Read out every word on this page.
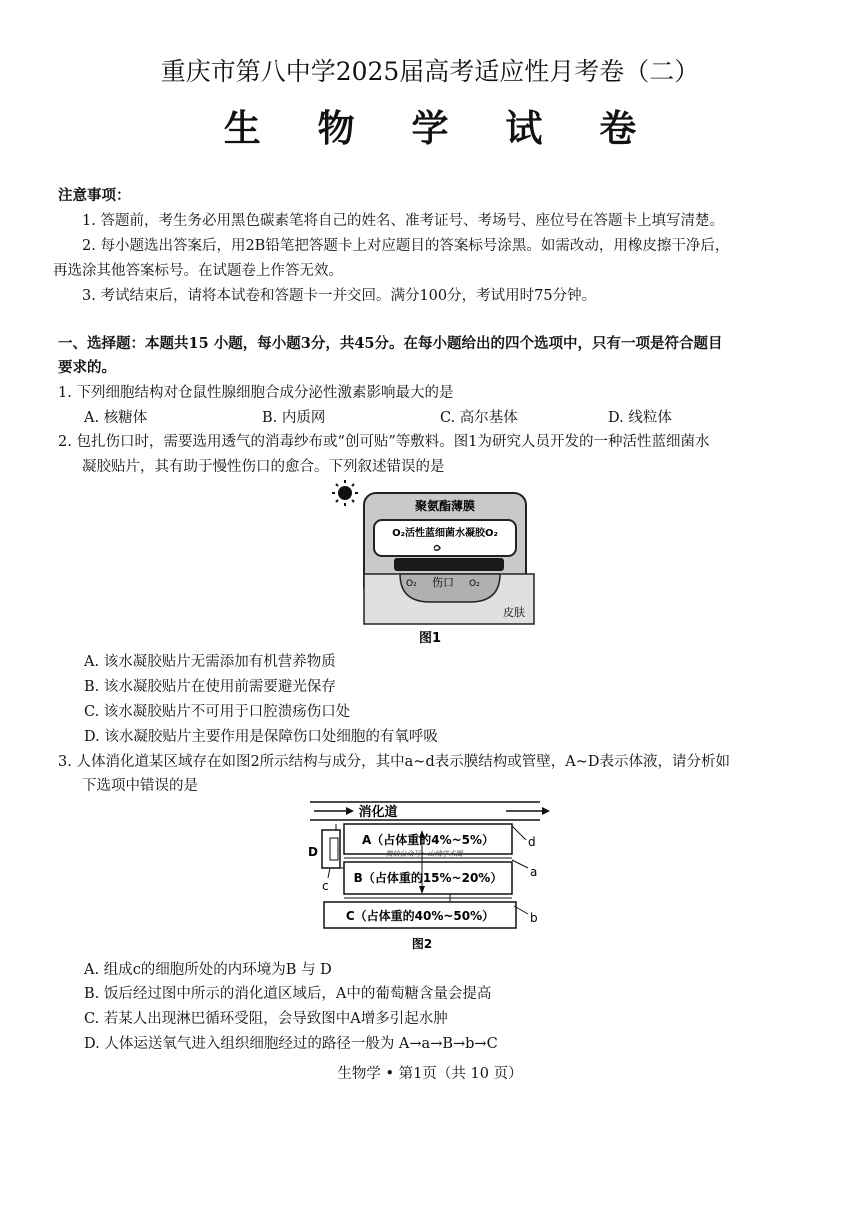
重庆市第八中学2025届高考适应性月考卷（二）
生 物 学 试 卷
注意事项：
1. 答题前，考生务必用黑色碳素笔将自己的姓名、准考证号、考场号、座位号在答题卡上填写清楚。
2. 每小题选出答案后，用2B铅笔把答题卡上对应题目的答案标号涂黑。如需改动，用橡皮擦干净后，
再选涂其他答案标号。在试题卷上作答无效。
3. 考试结束后，请将本试卷和答题卡一并交回。满分100分，考试用时75分钟。
一、选择题：本题共15 小题，每小题3分，共45分。在每小题给出的四个选项中，只有一项是符合题目
要求的。
1. 下列细胞结构对仓鼠性腺细胞合成分泌性激素影响最大的是
A. 核糖体	B. 内质网	C. 高尔基体	D. 线粒体
2. 包扎伤口时，需要选用透气的消毒纱布或“创可贴”等敷料。图1为研究人员开发的一种活性蓝细菌水
凝胶贴片，其有助于慢性伤口的愈合。下列叙述错误的是
聚氨酯薄膜
O₂活性蓝细菌水凝胶O₂
O₂ 伤口 O₂
皮肤
图1
A. 该水凝胶贴片无需添加有机营养物质
B. 该水凝胶贴片在使用前需要避光保存
C. 该水凝胶贴片不可用于口腔溃疡伤口处
D. 该水凝胶贴片主要作用是保障伤口处细胞的有氧呼吸
3. 人体消化道某区域存在如图2所示结构与成分，其中a~d表示膜结构或管壁，A~D表示体液，请分析如
下选项中错误的是
消化道
A（占体重的4%~5%）
微信公众号：山城学术圈
B（占体重的15%~20%）
C（占体重的40%~50%）
D
d
a
b
c
图2
A. 组成c的细胞所处的内环境为B 与 D
B. 饭后经过图中所示的消化道区域后，A中的葡萄糖含量会提高
C. 若某人出现淋巴循环受阻，会导致图中A增多引起水肿
D. 人体运送氧气进入组织细胞经过的路径一般为 A→a→B→b→C
生物学 • 第1页（共 10 页）
